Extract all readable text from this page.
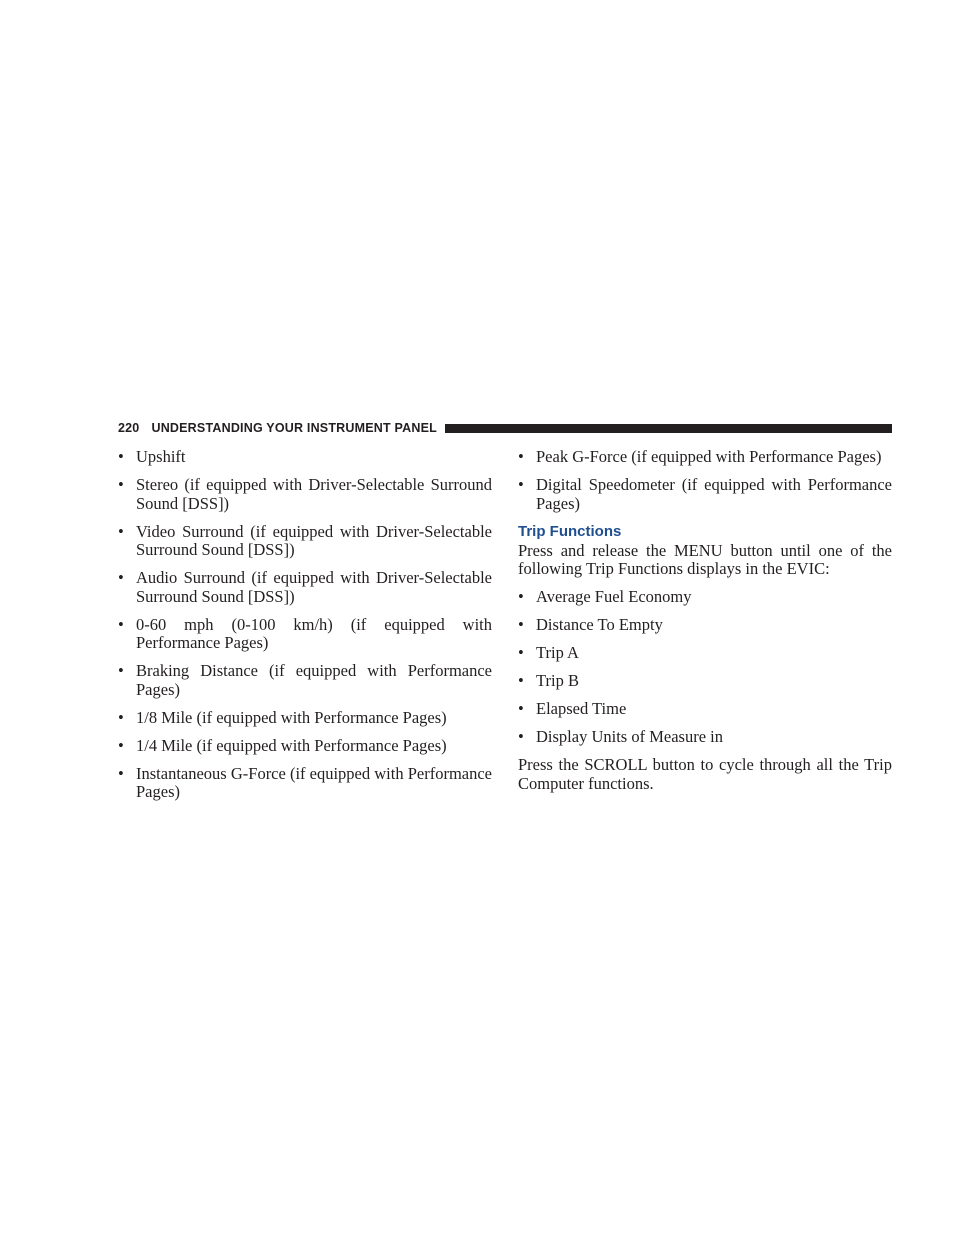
220 UNDERSTANDING YOUR INSTRUMENT PANEL
• Upshift
• Stereo (if equipped with Driver-Selectable Surround Sound [DSS])
• Video Surround (if equipped with Driver-Selectable Surround Sound [DSS])
• Audio Surround (if equipped with Driver-Selectable Surround Sound [DSS])
• 0-60 mph (0-100 km/h) (if equipped with Performance Pages)
• Braking Distance (if equipped with Performance Pages)
• 1/8 Mile (if equipped with Performance Pages)
• 1/4 Mile (if equipped with Performance Pages)
• Instantaneous G-Force (if equipped with Performance Pages)
• Peak G-Force (if equipped with Performance Pages)
• Digital Speedometer (if equipped with Performance Pages)
Trip Functions

Press and release the MENU button until one of the following Trip Functions displays in the EVIC:

• Average Fuel Economy
• Distance To Empty
• Trip A
• Trip B
• Elapsed Time
• Display Units of Measure in

Press the SCROLL button to cycle through all the Trip Computer functions.
